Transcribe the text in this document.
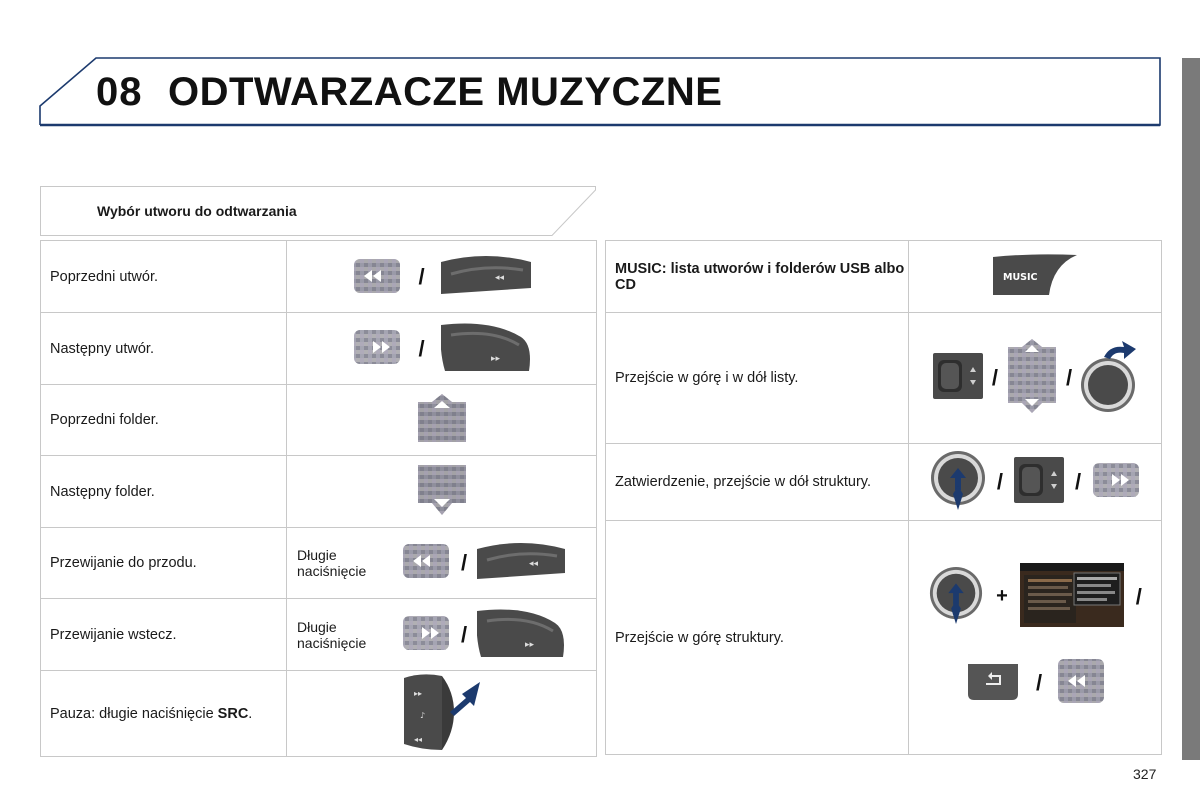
08 ODTWARZACZE MUZYCZNE
Wybór utworu do odtwarzania
Poprzedni utwór.	/ ◂◂

Następny utwór.	/ ▸▸

Poprzedni folder.	
Następny folder.	
Przewijanie do przodu.	Długie naciśnięcie / ◂◂

Przewijanie wstecz.	Długie naciśnięcie / ▸▸

Pauza: długie naciśnięcie SRC.	▸▸
♪
◂◂
MUSIC: lista utworów i folderów USB albo CD	MUSIC

Przejście w górę i w dół listy.	/ /
Zatwierdzenie, przejście w dół struktury.	/ /
Przejście w górę struktury.	+ /
/
327
